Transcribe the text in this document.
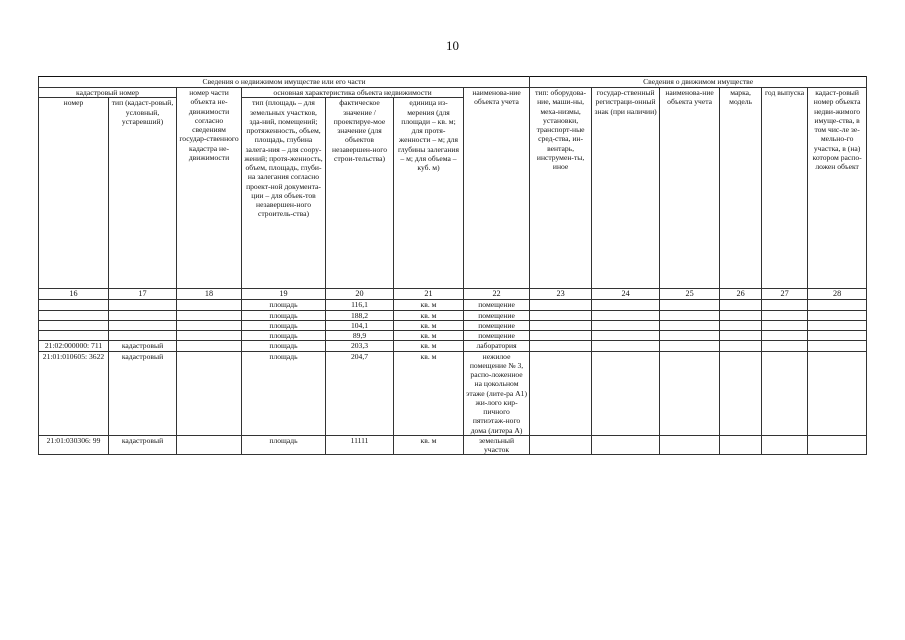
10
Сведения о недвижимом имуществе или его части							Сведения о движимом имуществе					
кадастровый номер		номер части объекта не-движимости согласно сведениям государ-ственного кадастра не-движимости	основная характеристика объекта недвижимости			наименова-ние объекта учета	тип: оборудова-ние, маши-ны, меха-низмы, установки, транспорт-ные сред-ства, ин-вентарь, инструмен-ты, иное	государ-ственный регистраци-онный знак (при наличии)	наименова-ние объекта учета	марка, модель	год выпуска	кадаст-ровый номер объекта недви-жимого имуще-ства, в том чис-ле зе-мельно-го участка, в (на) котором распо-ложен объект
номер	тип (кадаст-ровый, условный, устаревший)		тип (площадь – для земельных участков, зда-ний, помещений; протяженность, объем, площадь, глубина залега-ния – для соору-жений; протя-женность, объем, площадь, глуби-на залегания согласно проект-ной документа-ции – для объек-тов незавершен-ного строитель-ства)	фактическое значение / проектируе-мое значение (для объектов незавершен-ного строи-тельства)	единица из-мерения (для площади – кв. м; для протя-женности – м; для глубины залегания – м; для объема – куб. м)							
16	17	18	19	20	21	22	23	24	25	26	27	28
			площадь	116,1	кв. м	помещение						
			площадь	188,2	кв. м	помещение						
			площадь	104,1	кв. м	помещение						
			площадь	89,9	кв. м	помещение						
21:02:000000: 711	кадастровый		площадь	203,3	кв. м	лаборатория						
21:01:010605: 3622	кадастровый		площадь	204,7	кв. м	нежилое помещение № 3, распо-ложенное на цокольном этаже (лите-ра А1) жи-лого кир-пичного пятиэтаж-ного дома (литера А)						
21:01:030306: 99	кадастровый		площадь	11111	кв. м	земельный участок						
